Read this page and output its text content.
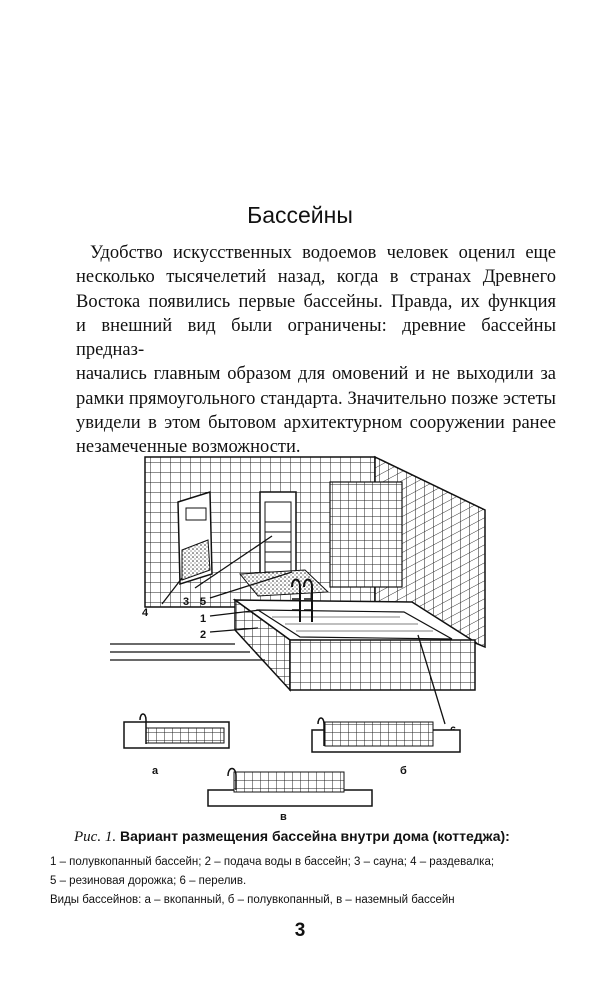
Бассейны
Удобство искусственных водоемов человек оценил еще
несколько тысячелетий назад, когда в странах Древнего
Востока появились первые бассейны. Правда, их функция
и внешний вид были ограничены: древние бассейны предназ-
начались главным образом для омовений и не выходили за
рамки прямоугольного стандарта. Значительно позже эстеты
увидели в этом бытовом архитектурном сооружении ранее
незамеченные возможности.
4
3 5
1
2
а	б
в
Рис. 1. Вариант размещения бассейна внутри дома (коттеджа):
1 – полувкопанный бассейн; 2 – подача воды в бассейн; 3 – сауна; 4 – раздевалка;
5 – резиновая дорожка; 6 – перелив.
Виды бассейнов: а – вкопанный, б – полувкопанный, в – наземный бассейн
3
